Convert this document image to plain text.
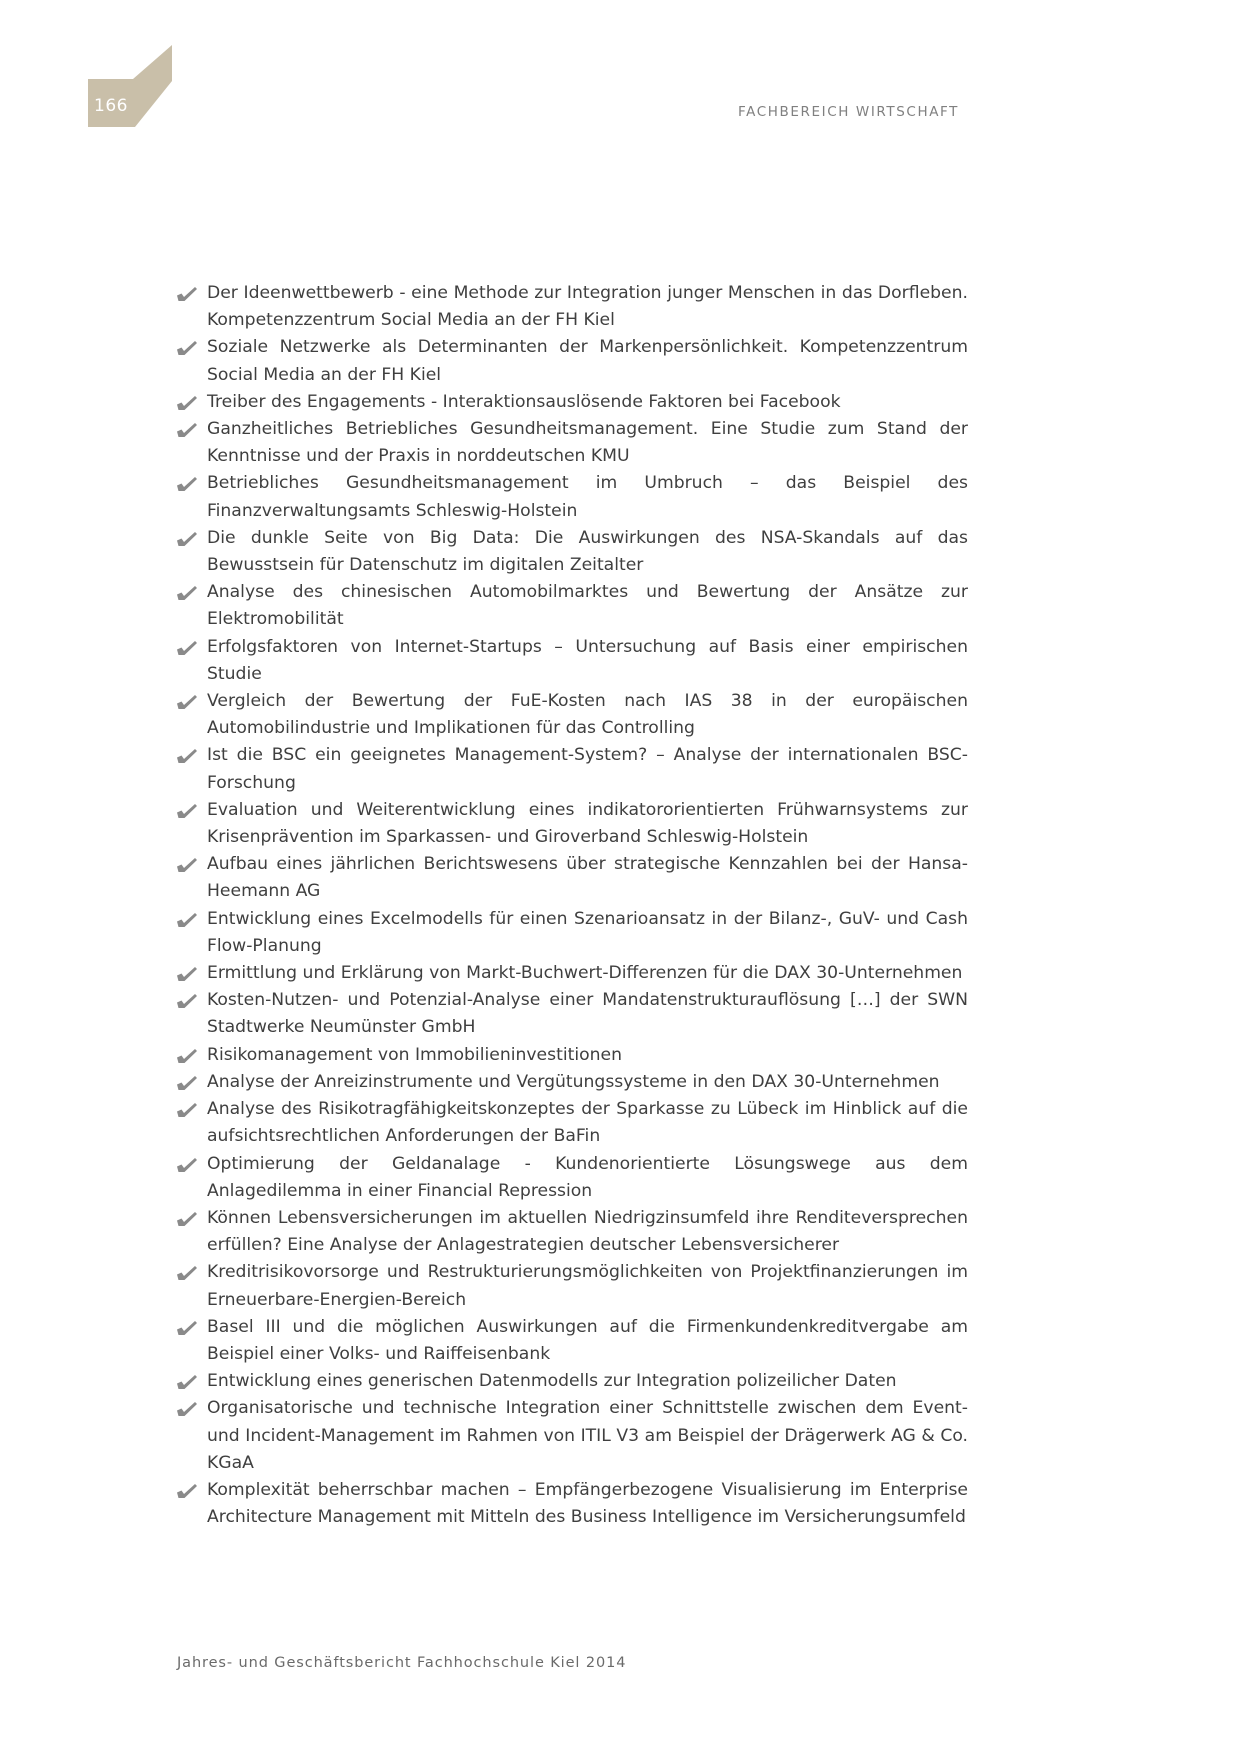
166	FACHBEREICH WIRTSCHAFT
Der Ideenwettbewerb - eine Methode zur Integration junger Menschen in das Dorfleben. Kompetenzzentrum Social Media an der FH Kiel
Soziale Netzwerke als Determinanten der Markenpersönlichkeit. Kompetenzzentrum Social Media an der FH Kiel
Treiber des Engagements - Interaktionsauslösende Faktoren bei Facebook
Ganzheitliches Betriebliches Gesundheitsmanagement. Eine Studie zum Stand der Kenntnisse und der Praxis in norddeutschen KMU
Betriebliches Gesundheitsmanagement im Umbruch – das Beispiel des Finanzverwaltungsamts Schleswig-Holstein
Die dunkle Seite von Big Data: Die Auswirkungen des NSA-Skandals auf das Bewusstsein für Datenschutz im digitalen Zeitalter
Analyse des chinesischen Automobilmarktes und Bewertung der Ansätze zur Elektromobilität
Erfolgsfaktoren von Internet-Startups – Untersuchung auf Basis einer empirischen Studie
Vergleich der Bewertung der FuE-Kosten nach IAS 38 in der europäischen Automobilindustrie und Implikationen für das Controlling
Ist die BSC ein geeignetes Management-System? – Analyse der internationalen BSC-Forschung
Evaluation und Weiterentwicklung eines indikatororientierten Frühwarnsystems zur Krisenprävention im Sparkassen- und Giroverband Schleswig-Holstein
Aufbau eines jährlichen Berichtswesens über strategische Kennzahlen bei der Hansa-Heemann AG
Entwicklung eines Excelmodells für einen Szenarioansatz in der Bilanz-, GuV- und Cash Flow-Planung
Ermittlung und Erklärung von Markt-Buchwert-Differenzen für die DAX 30-Unternehmen
Kosten-Nutzen- und Potenzial-Analyse einer Mandatenstrukturauflösung […] der SWN Stadtwerke Neumünster GmbH
Risikomanagement von Immobilieninvestitionen
Analyse der Anreizinstrumente und Vergütungssysteme in den DAX 30-Unternehmen
Analyse des Risikotragfähigkeitskonzeptes der Sparkasse zu Lübeck im Hinblick auf die aufsichtsrechtlichen Anforderungen der BaFin
Optimierung der Geldanalage - Kundenorientierte Lösungswege aus dem Anlagedilemma in einer Financial Repression
Können Lebensversicherungen im aktuellen Niedrigzinsumfeld ihre Renditeversprechen erfüllen? Eine Analyse der Anlagestrategien deutscher Lebensversicherer
Kreditrisikovorsorge und Restrukturierungsmöglichkeiten von Projektfinanzierungen im Erneuerbare-Energien-Bereich
Basel III und die möglichen Auswirkungen auf die Firmenkundenkreditvergabe am Beispiel einer Volks- und Raiffeisenbank
Entwicklung eines generischen Datenmodells zur Integration polizeilicher Daten
Organisatorische und technische Integration einer Schnittstelle zwischen dem Event- und Incident-Management im Rahmen von ITIL V3 am Beispiel der Drägerwerk AG & Co. KGaA
Komplexität beherrschbar machen – Empfängerbezogene Visualisierung im Enterprise Architecture Management mit Mitteln des Business Intelligence im Versicherungsumfeld
Jahres- und Geschäftsbericht Fachhochschule Kiel 2014
